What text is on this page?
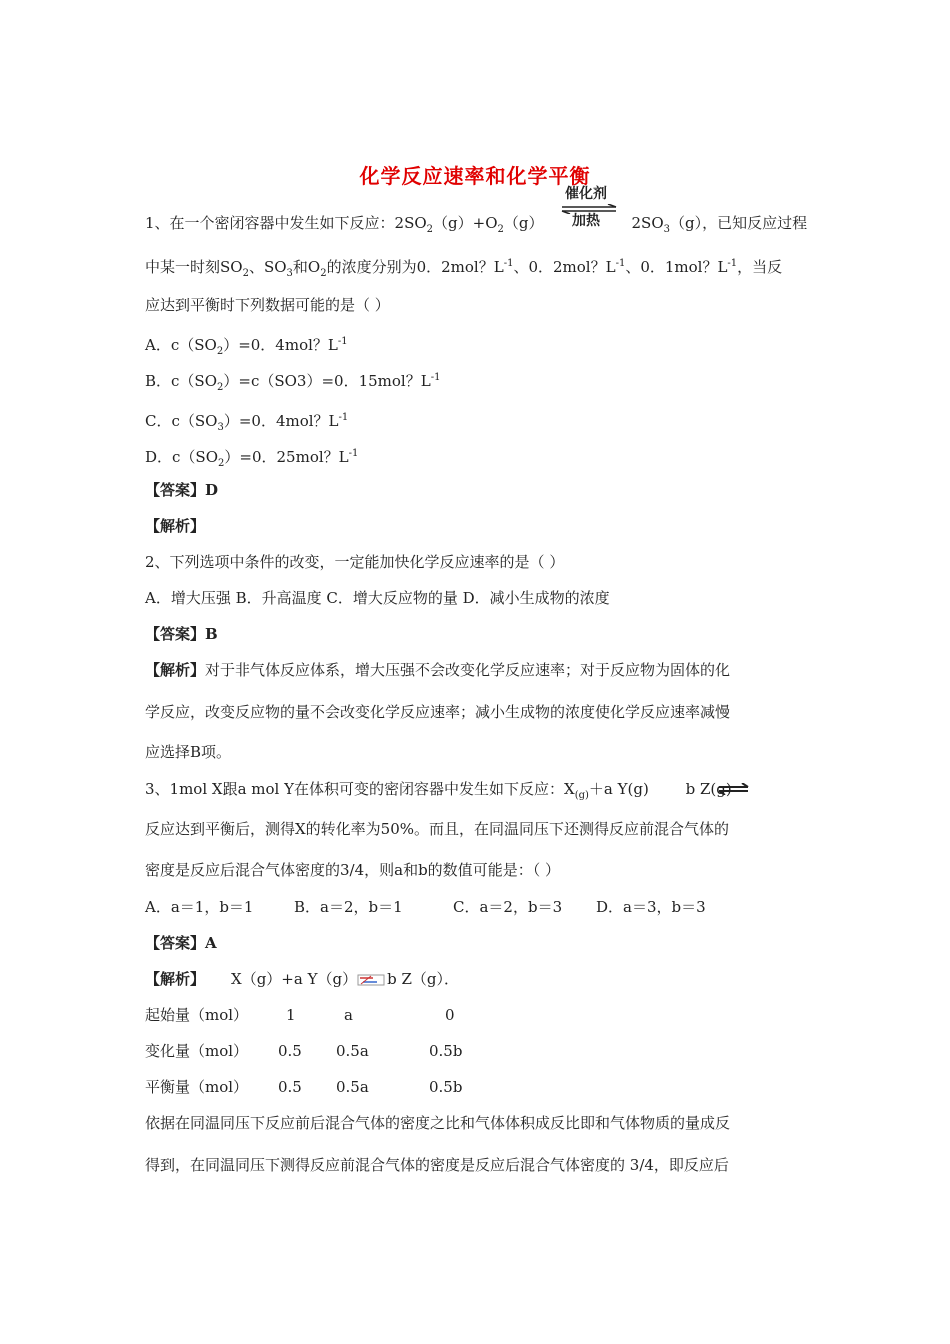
化学反应速率和化学平衡
1、在一个密闭容器中发生如下反应：$2SO_2(g)+O_2(g)$	$2SO_3(g)$，已知反应过程
催化剂
加热
中某一时刻$SO_2$、$SO_3$和$O_2$的浓度分别为0．2mol？$L^{-1}$、0．2mol？$L^{-1}$、0．1mol？$L^{-1}$，当反
应达到平衡时下列数据可能的是（ ）
A．$c(SO_2)=0$．4mol？$L^{-1}$
B．$c(SO_2)=c(SO3)=0$．15mol？$L^{-1}$
C．$c(SO_3)=0$．4mol？$L^{-1}$
D．$c(SO_2)=0$．25mol？$L^{-1}$
【答案】D
【解析】
2、下列选项中条件的改变，一定能加快化学反应速率的是（ ）
A．增大压强 B．升高温度 C．增大反应物的量 D．减小生成物的浓度
【答案】B
【解析】对于非气体反应体系，增大压强不会改变化学反应速率；对于反应物为固体的化
学反应，改变反应物的量不会改变化学反应速率；减小生成物的浓度使化学反应速率减慢
应选择B项。
3、1mol X跟a mol Y在体积可变的密闭容器中发生如下反应：$X_{(g)}+a$ Y(g) b Z(g)
反应达到平衡后，测得X的转化率为50%。而且，在同温同压下还测得反应前混合气体的
密度是反应后混合气体密度的3/4，则a和b的数值可能是：（ ）
A．a＝1，b＝1	B．a＝2，b＝1	C．a＝2，b＝3 D．a＝3，b＝3
【答案】A
【解析】 X（g）+a Y（g）⇌b Z（g）．
起始量（mol）	1	a	0
变化量（mol） 0.5 0.5a	0.5b
平衡量（mol） 0.5 0.5a	0.5b
依据在同温同压下反应前后混合气体的密度之比和气体体积成反比即和气体物质的量成反
得到，在同温同压下测得反应前混合气体的密度是反应后混合气体密度的 3/4，即反应后
